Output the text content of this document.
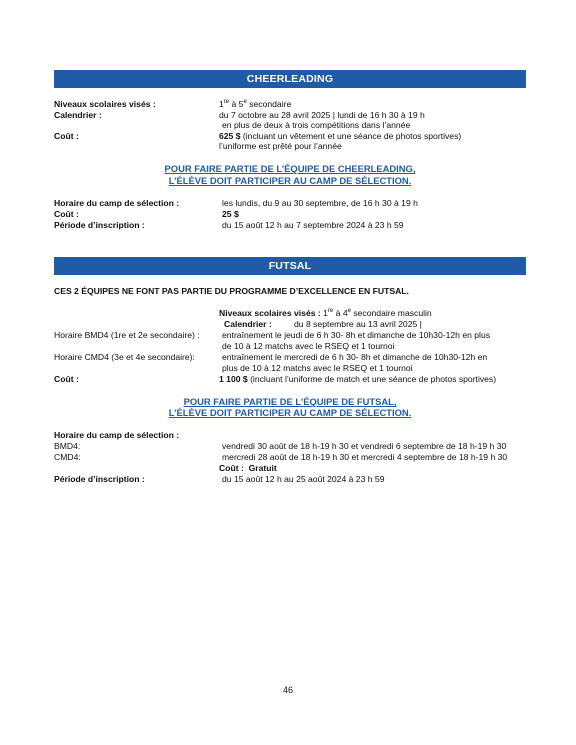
CHEERLEADING
Niveaux scolaires visés :	1re à 5e secondaire
Calendrier :	du 7 octobre au 28 avril 2025 | lundi de 16 h 30 à 19 h
en plus de deux à trois compétitions dans l’année
Coût :	625 $ (incluant un vêtement et une séance de photos sportives)
l’uniforme est prêté pour l’année
POUR FAIRE PARTIE DE L’ÉQUIPE DE CHEERLEADING,
L’ÉLÈVE DOIT PARTICIPER AU CAMP DE SÉLECTION.
Horaire du camp de sélection :	les lundis, du 9 au 30 septembre, de 16 h 30 à 19 h
Coût :	25 $
Période d’inscription :	du 15 août 12 h au 7 septembre 2024 à 23 h 59
FUTSAL
CES 2 ÉQUIPES NE FONT PAS PARTIE DU PROGRAMME D’EXCELLENCE EN FUTSAL.
Niveaux scolaires visés : 1re à 4e secondaire masculin
Calendrier :	du 8 septembre au 13 avril 2025 |
Horaire BMD4 (1re et 2e secondaire) :	entraînement le jeudi de 6 h 30- 8h et dimanche de 10h30-12h en plus
de 10 à 12 matchs avec le RSEQ et 1 tournoi
Horaire CMD4 (3e et 4e secondaire):	entraînement le mercredi de 6 h 30- 8h et dimanche de 10h30-12h en
plus de 10 à 12 matchs avec le RSEQ et 1 tournoi
Coût :	1 100 $ (incluant l’uniforme de match et une séance de photos sportives)
POUR FAIRE PARTIE DE L’ÉQUIPE DE FUTSAL,
L’ÉLÈVE DOIT PARTICIPER AU CAMP DE SÉLECTION.
Horaire du camp de sélection :
BMD4:	vendredi 30 août de 18 h-19 h 30 et vendredi 6 septembre de 18 h-19 h 30
CMD4:	mercredi 28 août de 18 h-19 h 30 et mercredi 4 septembre de 18 h-19 h 30
Coût : Gratuit
Période d’inscription :	du 15 août 12 h au 25 août 2024 à 23 h 59
46
